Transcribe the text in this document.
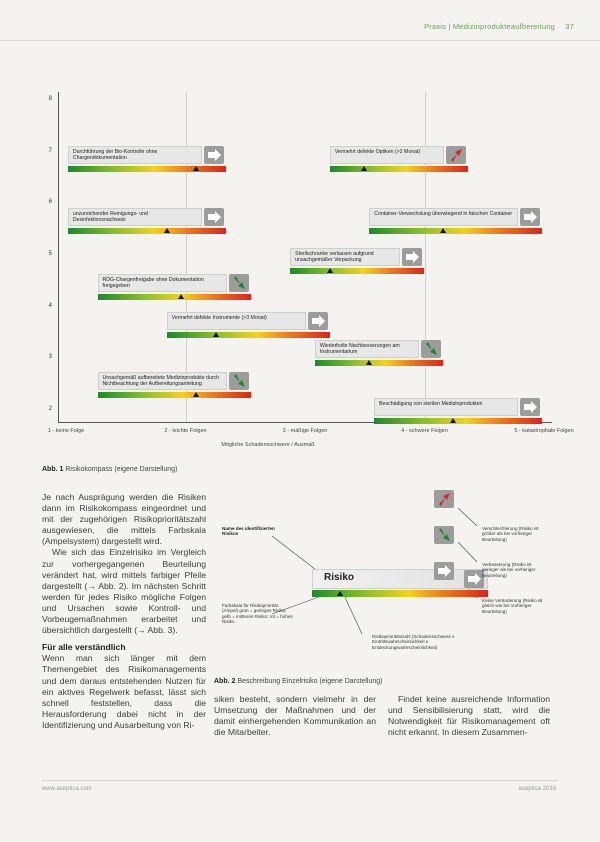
Praxis | Medizinprodukteaufbereitung 37
Mögliche Schadensschwere / Ausmaß
8
7
6
5
4
3
2
1 - keine Folge	2 - leichte Folgen	3 - mäßige Folgen	4 - schwere Folgen	5 - katastrophale Folgen
Durchführung der Bio-Kontrolle ohne Chargendokumentation
Vermehrt defekte Optiken (>2 Monat)
unzureichender Reinigungs- und Desinfektionsnachweis
Container-Verwechslung überwiegend in falschen Container
Sterilschranke verlassen aufgrund unsachgemäßer Verpackung
RDG-Chargenfreigabe ohne Dokumentation freigegeben
Vermehrt defekte Instrumente (>3 Monat)
Wiederholte Nachbesserungen am Instrumentarium
Unsachgemäß aufbereitete Medizinprodukte durch Nichtbeachtung der Aufbereitungsanleitung
Beschädigung von sterilen Medizinprodukten
Abb. 1 Risikokompass (eigene Darstellung)

Je nach Ausprägung werden die Risiken dann im Risikokompass eingeordnet und mit der zugehörigen Risikoprioritätszahl ausgewiesen, die mittels Farbskala (Ampelsystem) dargestellt wird.

Wie sich das Einzelrisiko im Vergleich zur vorhergegangenen Beurteilung verändert hat, wird mittels farbiger Pfeile dargestellt (→ Abb. 2). Im nächsten Schritt werden für jedes Risiko mögliche Folgen und Ursachen sowie Kontroll- und Vorbeugemaßnahmen erarbeitet und übersichtlich dargestellt (→ Abb. 3).

Für alle verständlich

Wenn man sich länger mit dem Themengebiet des Risikomanagements und dem daraus entstehenden Nutzen für ein aktives Regelwerk befasst, lässt sich schnell feststellen, dass die Herausforderung dabei nicht in der Identifizierung und Ausarbeitung von Ri-

Name des identifizierten Risikos
Farbskala für Risikopriorität (Ampel) grün = geringes Risiko; gelb = mittleres Risiko; rot = hohes Risiko
Risikoprioritätszahl (Schadensschwere x Eintrittswahrscheinlichkeit x Entdeckungswahrscheinlichkeit)
Risiko
Verschlechterung (Risiko ist größer als bei vorheriger Beurteilung)
Verbesserung (Risiko ist geringer als bei vorheriger Beurteilung)
Keine Veränderung (Risiko ist gleich wie bei vorheriger Beurteilung)
Abb. 2 Beschreibung Einzelrisiko (eigene Darstellung)

siken besteht, sondern vielmehr in der Umsetzung der Maßnahmen und der damit einhergehenden Kommunikation an die Mitarbeiter.

Findet keine ausreichende Information und Sensibilisierung statt, wird die Notwendigkeit für Risikomanagement oft nicht erkannt. In diesem Zusammen-

www.aseptica.com	aseptica 2018
